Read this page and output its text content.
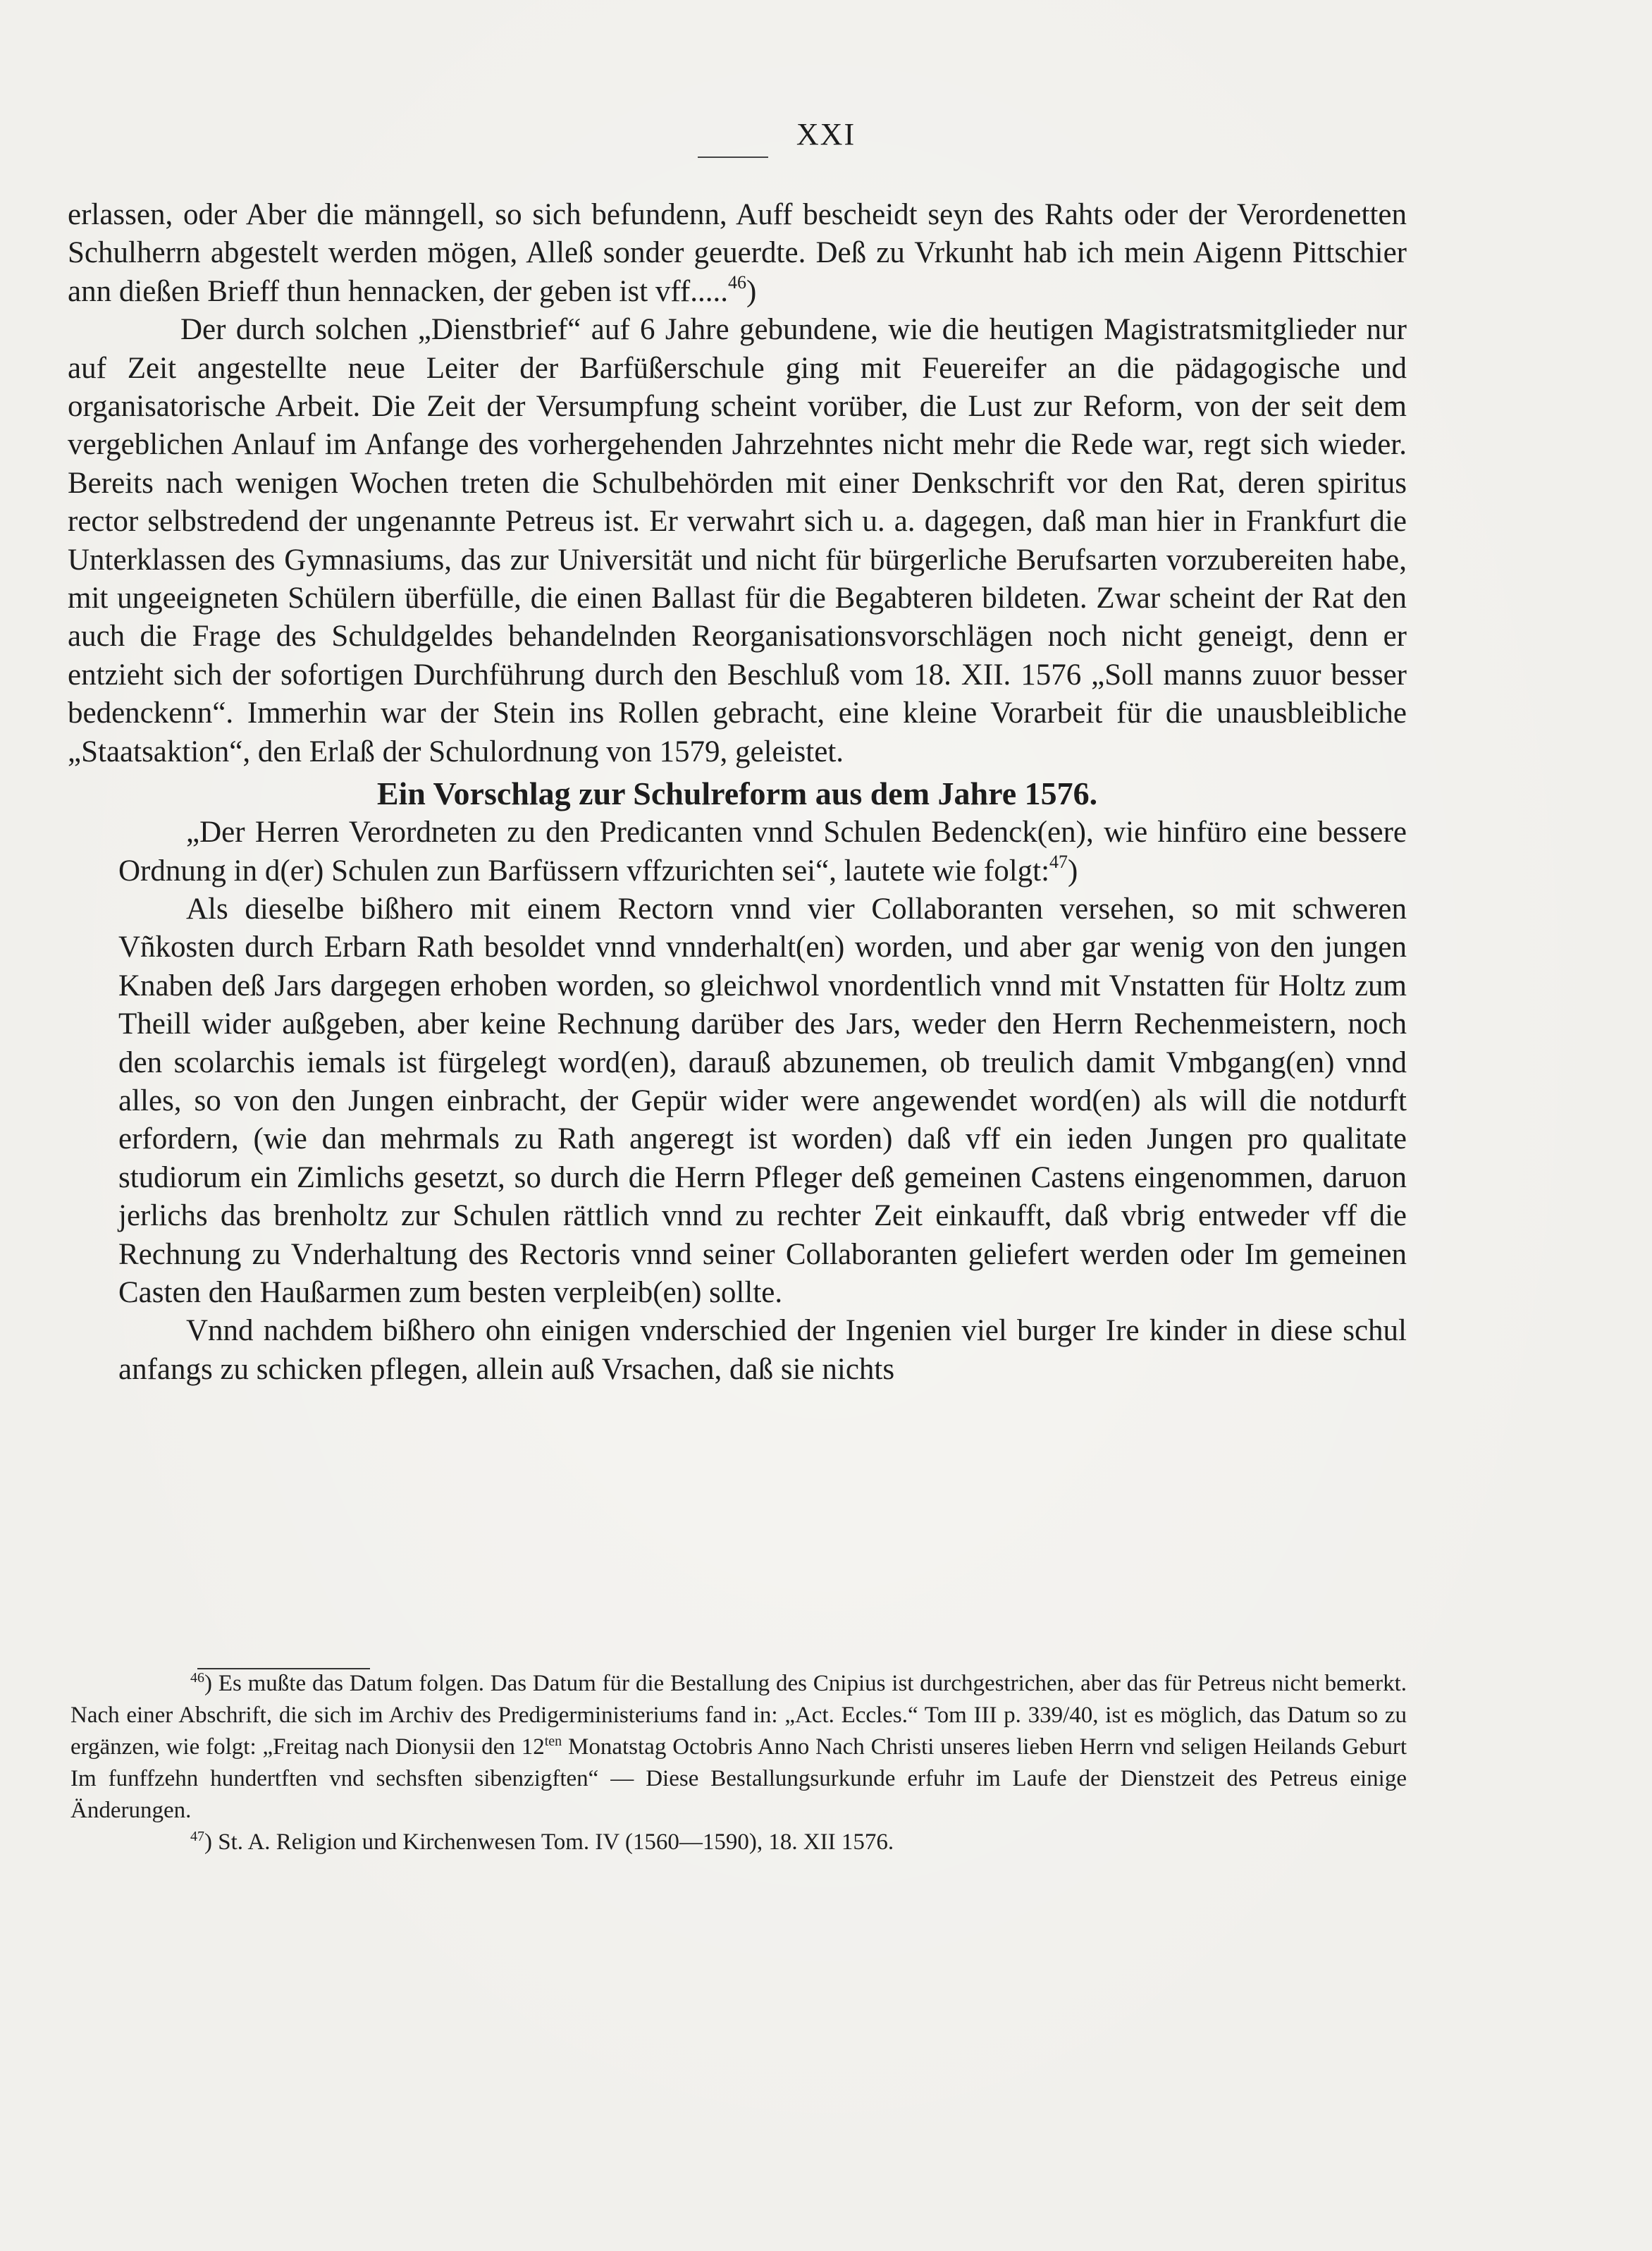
XXI

erlassen, oder Aber die männgell, so sich befundenn, Auff bescheidt seyn des Rahts oder der Verordenetten Schulherrn abgestelt werden mögen, Alleß sonder geuerdte. Deß zu Vrkunht hab ich mein Aigenn Pittschier ann dießen Brieff thun hennacken, der geben ist vff.....$^{46}$)

Der durch solchen „Dienstbrief“ auf 6 Jahre gebundene, wie die heutigen Magistratsmitglieder nur auf Zeit angestellte neue Leiter der Barfüßerschule ging mit Feuereifer an die pädagogische und organisatorische Arbeit. Die Zeit der Versumpfung scheint vorüber, die Lust zur Reform, von der seit dem vergeblichen Anlauf im Anfange des vorhergehenden Jahrzehntes nicht mehr die Rede war, regt sich wieder. Bereits nach wenigen Wochen treten die Schulbehörden mit einer Denkschrift vor den Rat, deren spiritus rector selbstredend der ungenannte Petreus ist. Er verwahrt sich u. a. dagegen, daß man hier in Frankfurt die Unterklassen des Gymnasiums, das zur Universität und nicht für bürgerliche Berufsarten vorzubereiten habe, mit ungeeigneten Schülern überfülle, die einen Ballast für die Begabteren bildeten. Zwar scheint der Rat den auch die Frage des Schuldgeldes behandelnden Reorganisationsvorschlägen noch nicht geneigt, denn er entzieht sich der sofortigen Durchführung durch den Beschluß vom 18. XII. 1576 „Soll manns zuuor besser bedenckenn“. Immerhin war der Stein ins Rollen gebracht, eine kleine Vorarbeit für die unausbleibliche „Staatsaktion“, den Erlaß der Schulordnung von 1579, geleistet.

Ein Vorschlag zur Schulreform aus dem Jahre 1576.

„Der Herren Verordneten zu den Predicanten vnnd Schulen Bedenck(en), wie hinfüro eine bessere Ordnung in d(er) Schulen zun Barfüssern vffzurichten sei“, lautete wie folgt:$^{47}$)

Als dieselbe bißhero mit einem Rectorn vnnd vier Collaboranten versehen, so mit schweren Vñkosten durch Erbarn Rath besoldet vnnd vnnderhalt(en) worden, und aber gar wenig von den jungen Knaben deß Jars dargegen erhoben worden, so gleichwol vnordentlich vnnd mit Vnstatten für Holtz zum Theill wider außgeben, aber keine Rechnung darüber des Jars, weder den Herrn Rechenmeistern, noch den scolarchis iemals ist fürgelegt word(en), darauß abzunemen, ob treulich damit Vmbgang(en) vnnd alles, so von den Jungen einbracht, der Gepür wider were angewendet word(en) als will die notdurft erfordern, (wie dan mehrmals zu Rath angeregt ist worden) daß vff ein ieden Jungen pro qualitate studiorum ein Zimlichs gesetzt, so durch die Herrn Pfleger deß gemeinen Castens eingenommen, daruon jerlichs das brenholtz zur Schulen rättlich vnnd zu rechter Zeit einkaufft, daß vbrig entweder vff die Rechnung zu Vnderhaltung des Rectoris vnnd seiner Collaboranten geliefert werden oder Im gemeinen Casten den Haußarmen zum besten verpleib(en) sollte.

Vnnd nachdem bißhero ohn einigen vnderschied der Ingenien viel burger Ire kinder in diese schul anfangs zu schicken pflegen, allein auß Vrsachen, daß sie nichts

$^{46}$) Es mußte das Datum folgen. Das Datum für die Bestallung des Cnipius ist durchgestrichen, aber das für Petreus nicht bemerkt. Nach einer Abschrift, die sich im Archiv des Predigerministeriums fand in: „Act. Eccles.“ Tom III p. 339/40, ist es möglich, das Datum so zu ergänzen, wie folgt: „Freitag nach Dionysii den 12$^{ten}$ Monatstag Octobris Anno Nach Christi unseres lieben Herrn vnd seligen Heilands Geburt Im funffzehn hundertften vnd sechsften sibenzigften“ — Diese Bestallungsurkunde erfuhr im Laufe der Dienstzeit des Petreus einige Änderungen.

$^{47}$) St. A. Religion und Kirchenwesen Tom. IV (1560—1590), 18. XII 1576.
